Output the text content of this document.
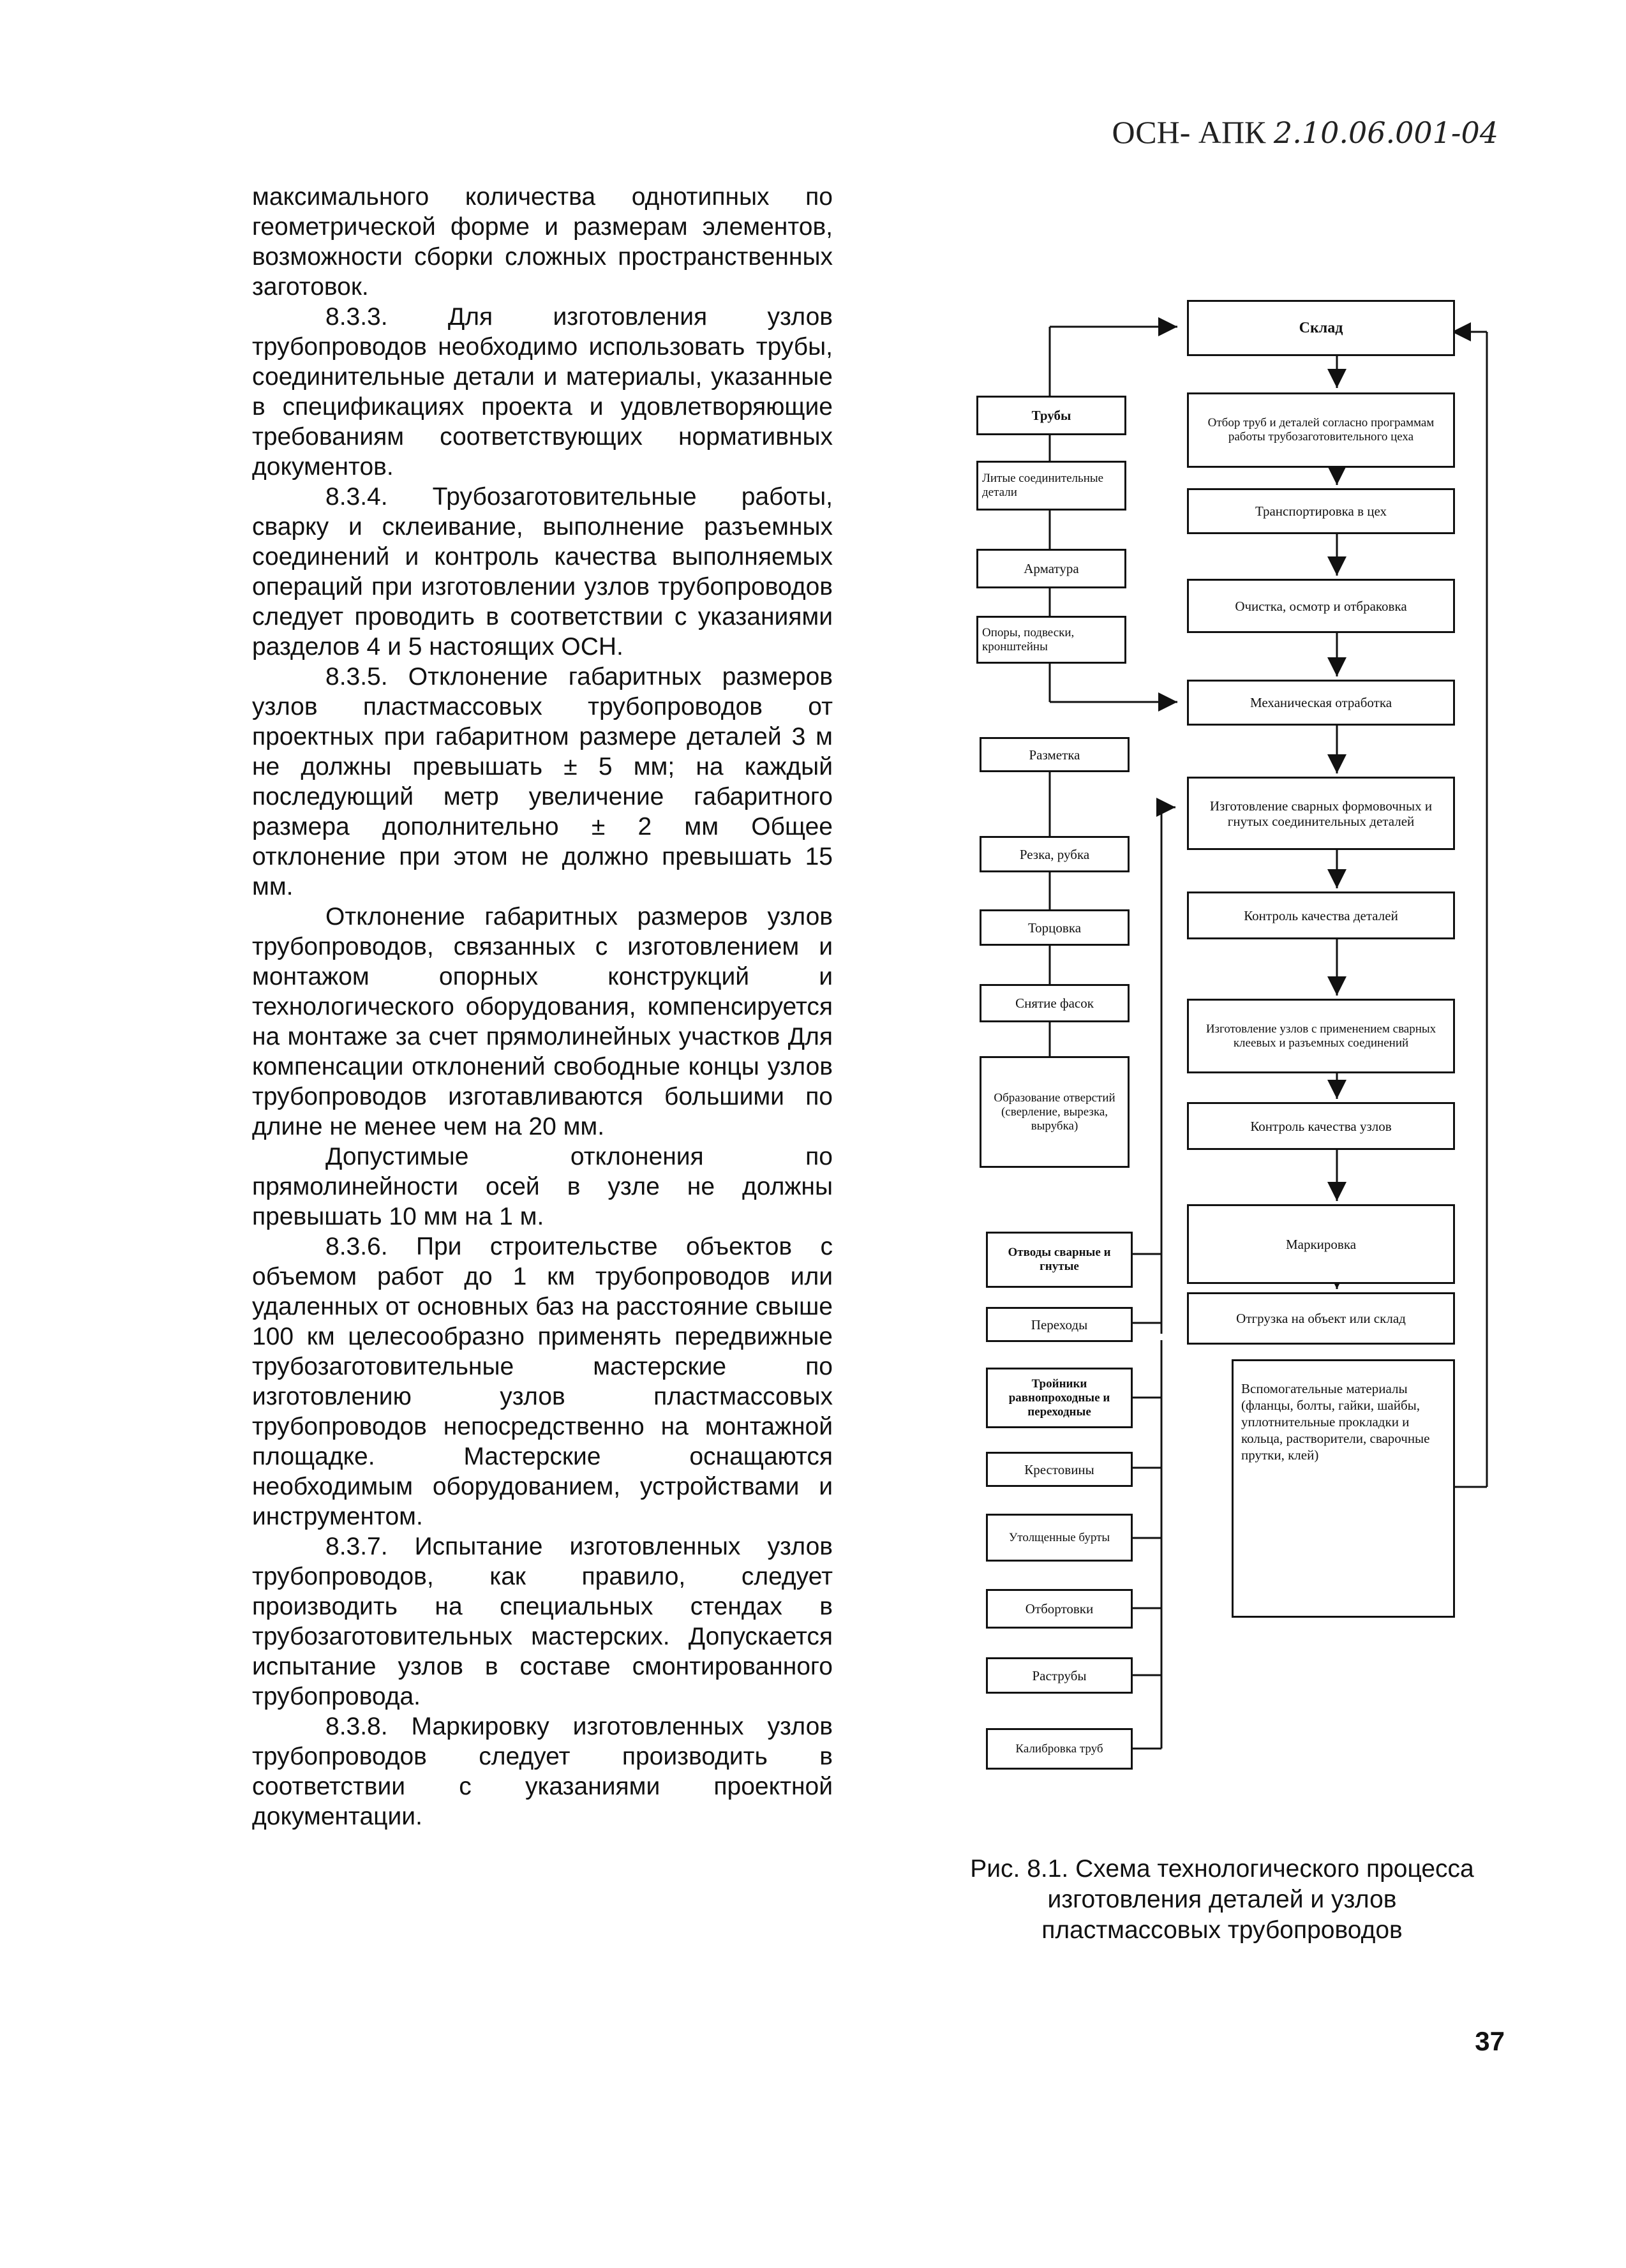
ОСН- АПК 2.10.06.001-04

максимального количества однотипных по геометрической форме и размерам элементов, возможности сборки сложных пространственных заготовок.

8.3.3. Для изготовления узлов трубопроводов необходимо использовать трубы, соединительные детали и материалы, указанные в спецификациях проекта и удовлетворяющие требованиям соответствующих нормативных документов.

8.3.4. Трубозаготовительные работы, сварку и склеивание, выполнение разъемных соединений и контроль качества выполняемых операций при изготовлении узлов трубопроводов следует проводить в соответствии с указаниями разделов 4 и 5 настоящих ОСН.

8.3.5. Отклонение габаритных размеров узлов пластмассовых трубопроводов от проектных при габаритном размере деталей 3 м не должны превышать ± 5 мм; на каждый последующий метр увеличение габаритного размера дополнительно ± 2 мм Общее отклонение при этом не должно превышать 15 мм.

Отклонение габаритных размеров узлов трубопроводов, связанных с изготовлением и монтажом опорных конструкций и технологического оборудования, компенсируется на монтаже за счет прямолинейных участков Для компенсации отклонений свободные концы узлов трубопроводов изготавливаются большими по длине не менее чем на 20 мм.

Допустимые отклонения по прямолинейности осей в узле не должны превышать 10 мм на 1 м.

8.3.6. При строительстве объектов с объемом работ до 1 км трубопроводов или удаленных от основных баз на расстояние свыше 100 км целесообразно применять передвижные трубозаготовительные мастерские по изготовлению узлов пластмассовых трубопроводов непосредственно на монтажной площадке. Мастерские оснащаются необходимым оборудованием, устройствами и инструментом.

8.3.7. Испытание изготовленных узлов трубопроводов, как правило, следует производить на специальных стендах в трубозаготовительных мастерских. Допускается испытание узлов в составе смонтированного трубопровода.

8.3.8. Маркировку изготовленных узлов трубопроводов следует производить в соответствии с указаниями проектной документации.

Склад
Отбор труб и деталей согласно программам работы трубозаготовительного цеха
Транспортировка в цех
Очистка, осмотр и отбраковка
Механическая отработка
Изготовление сварных формовочных и гнутых соединительных деталей
Контроль качества деталей
Изготовление узлов с применением сварных клеевых и разъемных соединений
Контроль качества узлов
Маркировка
Отгрузка на объект или склад
Вспомогательные материалы (фланцы, болты, гайки, шайбы, уплотнительные прокладки и кольца, растворители, сварочные прутки, клей)
Трубы
Литые соединительные детали
Арматура
Опоры, подвески, кронштейны
Разметка
Резка, рубка
Торцовка
Снятие фасок
Образование отверстий (сверление, вырезка, вырубка)
Отводы сварные и гнутые
Переходы
Тройники равнопроходные и переходные
Крестовины
Утолщенные бурты
Отбортовки
Раструбы
Калибровка труб
Рис. 8.1. Схема технологического процесса изготовления деталей и узлов пластмассовых трубопроводов
37
